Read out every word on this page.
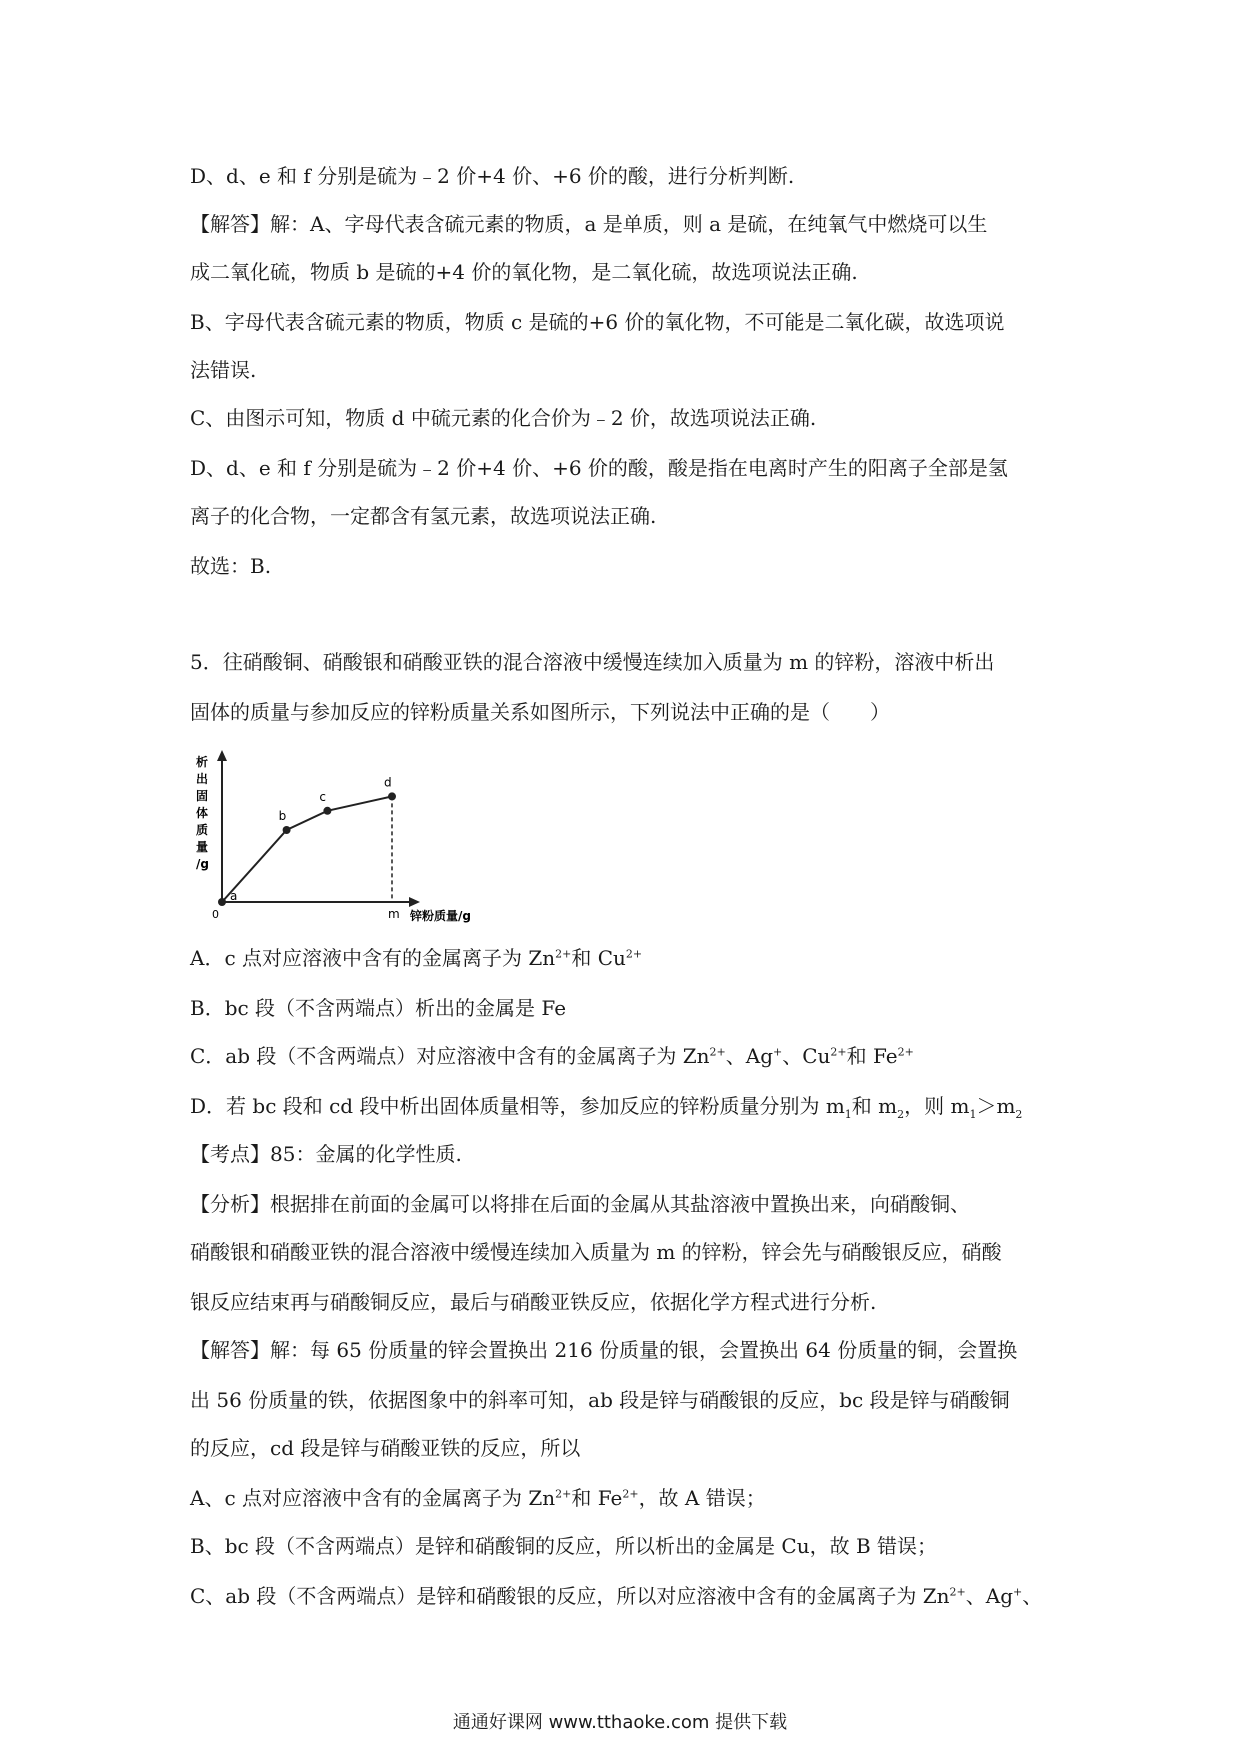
D、d、e 和 f 分别是硫为﹣2 价+4 价、+6 价的酸，进行分析判断.
【解答】解：A、字母代表含硫元素的物质，a 是单质，则 a 是硫，在纯氧气中燃烧可以生
成二氧化硫，物质 b 是硫的+4 价的氧化物，是二氧化硫，故选项说法正确.
B、字母代表含硫元素的物质，物质 c 是硫的+6 价的氧化物，不可能是二氧化碳，故选项说
法错误.
C、由图示可知，物质 d 中硫元素的化合价为﹣2 价，故选项说法正确.
D、d、e 和 f 分别是硫为﹣2 价+4 价、+6 价的酸，酸是指在电离时产生的阳离子全部是氢
离子的化合物，一定都含有氢元素，故选项说法正确.
故选：B.
5．往硝酸铜、硝酸银和硝酸亚铁的混合溶液中缓慢连续加入质量为 m 的锌粉，溶液中析出
固体的质量与参加反应的锌粉质量关系如图所示，下列说法中正确的是（　　）
析
出
固
体
质
量
/g
0	m
a
b
c
d
锌粉质量/g
A．c 点对应溶液中含有的金属离子为 $Zn^{2+}$和 $Cu^{2+}$
B．bc 段（不含两端点）析出的金属是 Fe
C．ab 段（不含两端点）对应溶液中含有的金属离子为 $Zn^{2+}$、Ag+、$Cu^{2+}$和 $Fe^{2+}$
D．若 bc 段和 cd 段中析出固体质量相等，参加反应的锌粉质量分别为 $m_1$和 $m_2$，则 $m_1>m_2$
【考点】85：金属的化学性质.
【分析】根据排在前面的金属可以将排在后面的金属从其盐溶液中置换出来，向硝酸铜、
硝酸银和硝酸亚铁的混合溶液中缓慢连续加入质量为 m 的锌粉，锌会先与硝酸银反应，硝酸
银反应结束再与硝酸铜反应，最后与硝酸亚铁反应，依据化学方程式进行分析.
【解答】解：每 65 份质量的锌会置换出 216 份质量的银，会置换出 64 份质量的铜，会置换
出 56 份质量的铁，依据图象中的斜率可知，ab 段是锌与硝酸银的反应，bc 段是锌与硝酸铜
的反应，cd 段是锌与硝酸亚铁的反应，所以
A、c 点对应溶液中含有的金属离子为 $Zn^{2+}$和 $Fe^{2+}$，故 A 错误；
B、bc 段（不含两端点）是锌和硝酸铜的反应，所以析出的金属是 Cu，故 B 错误；
C、ab 段（不含两端点）是锌和硝酸银的反应，所以对应溶液中含有的金属离子为 $Zn^{2+}$、Ag+、
通通好课网 www.tthaoke.com 提供下载
